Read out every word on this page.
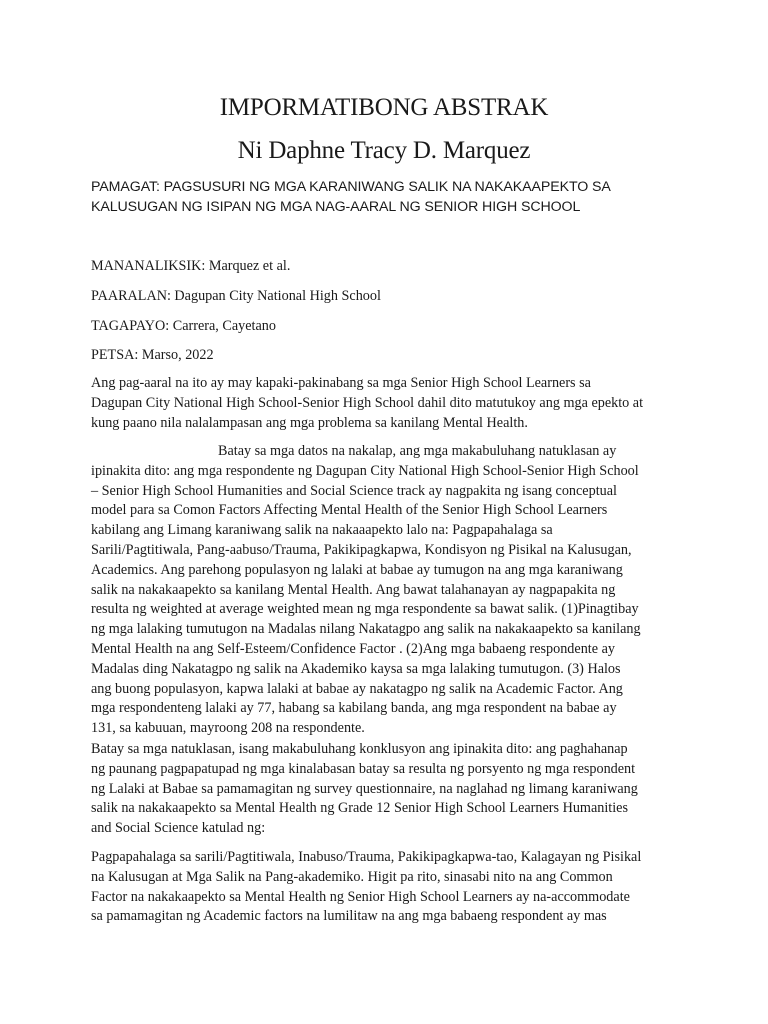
IMPORMATIBONG ABSTRAK
Ni Daphne Tracy D. Marquez
PAMAGAT: PAGSUSURI NG MGA KARANIWANG SALIK NA NAKAKAAPEKTO SA
KALUSUGAN NG ISIPAN NG MGA NAG-AARAL NG SENIOR HIGH SCHOOL

MANANALIKSIK: Marquez et al.

PAARALAN: Dagupan City National High School

TAGAPAYO: Carrera, Cayetano

PETSA: Marso, 2022

Ang pag-aaral na ito ay may kapaki-pakinabang sa mga Senior High School Learners sa
Dagupan City National High School-Senior High School dahil dito matutukoy ang mga epekto at
kung paano nila nalalampasan ang mga problema sa kanilang Mental Health.
Batay sa mga datos na nakalap, ang mga makabuluhang natuklasan ay
ipinakita dito: ang mga respondente ng Dagupan City National High School-Senior High School
– Senior High School Humanities and Social Science track ay nagpakita ng isang conceptual
model para sa Comon Factors Affecting Mental Health of the Senior High School Learners
kabilang ang Limang karaniwang salik na nakaaapekto lalo na: Pagpapahalaga sa
Sarili/Pagtitiwala, Pang-aabuso/Trauma, Pakikipagkapwa, Kondisyon ng Pisikal na Kalusugan,
Academics. Ang parehong populasyon ng lalaki at babae ay tumugon na ang mga karaniwang
salik na nakakaapekto sa kanilang Mental Health. Ang bawat talahanayan ay nagpapakita ng
resulta ng weighted at average weighted mean ng mga respondente sa bawat salik. (1)Pinagtibay
ng mga lalaking tumutugon na Madalas nilang Nakatagpo ang salik na nakakaapekto sa kanilang
Mental Health na ang Self-Esteem/Confidence Factor . (2)Ang mga babaeng respondente ay
Madalas ding Nakatagpo ng salik na Akademiko kaysa sa mga lalaking tumutugon. (3) Halos
ang buong populasyon, kapwa lalaki at babae ay nakatagpo ng salik na Academic Factor. Ang
mga respondenteng lalaki ay 77, habang sa kabilang banda, ang mga respondent na babae ay
131, sa kabuuan, mayroong 208 na respondente.
Batay sa mga natuklasan, isang makabuluhang konklusyon ang ipinakita dito: ang paghahanap
ng paunang pagpapatupad ng mga kinalabasan batay sa resulta ng porsyento ng mga respondent
ng Lalaki at Babae sa pamamagitan ng survey questionnaire, na naglahad ng limang karaniwang
salik na nakakaapekto sa Mental Health ng Grade 12 Senior High School Learners Humanities
and Social Science katulad ng:
Pagpapahalaga sa sarili/Pagtitiwala, Inabuso/Trauma, Pakikipagkapwa-tao, Kalagayan ng Pisikal
na Kalusugan at Mga Salik na Pang-akademiko. Higit pa rito, sinasabi nito na ang Common
Factor na nakakaapekto sa Mental Health ng Senior High School Learners ay na-accommodate
sa pamamagitan ng Academic factors na lumilitaw na ang mga babaeng respondent ay mas
